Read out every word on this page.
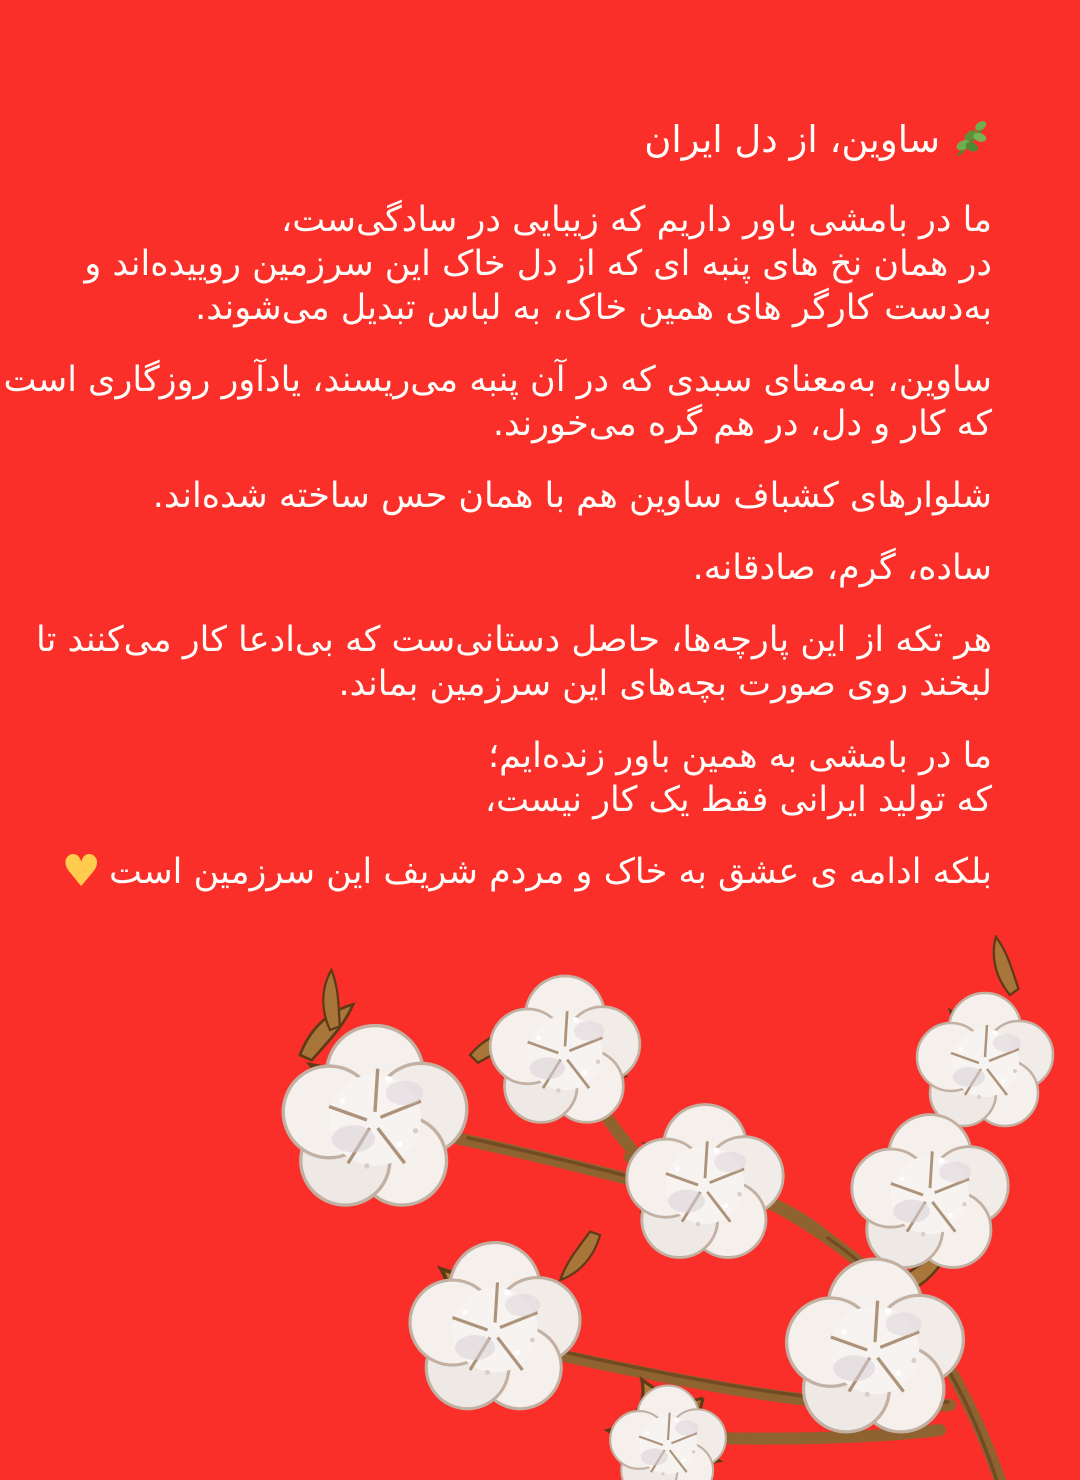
ساوین، از دل ایران
ما در بامشی باور داریم که زیبایی در سادگی‌ست،
در همان نخ های پنبه ای که از دل خاک این سرزمین روییده‌اند و
به‌دست کارگر های همین خاک، به لباس تبدیل می‌شوند.
ساوین، به‌معنای سبدی که در آن پنبه می‌ریسند، یادآور روزگاری است
که کار و دل، در هم گره می‌خورند.
شلوارهای کشباف ساوین هم با همان حس ساخته شده‌اند.
ساده، گرم، صادقانه.
هر تکه از این پارچه‌ها، حاصل دستانی‌ست که بی‌ادعا کار می‌کنند تا
لبخند روی صورت بچه‌های این سرزمین بماند.
ما در بامشی به همین باور زنده‌ایم؛
که تولید ایرانی فقط یک کار نیست،
بلکه ادامه ی عشق به خاک و مردم شریف این سرزمین است♥
